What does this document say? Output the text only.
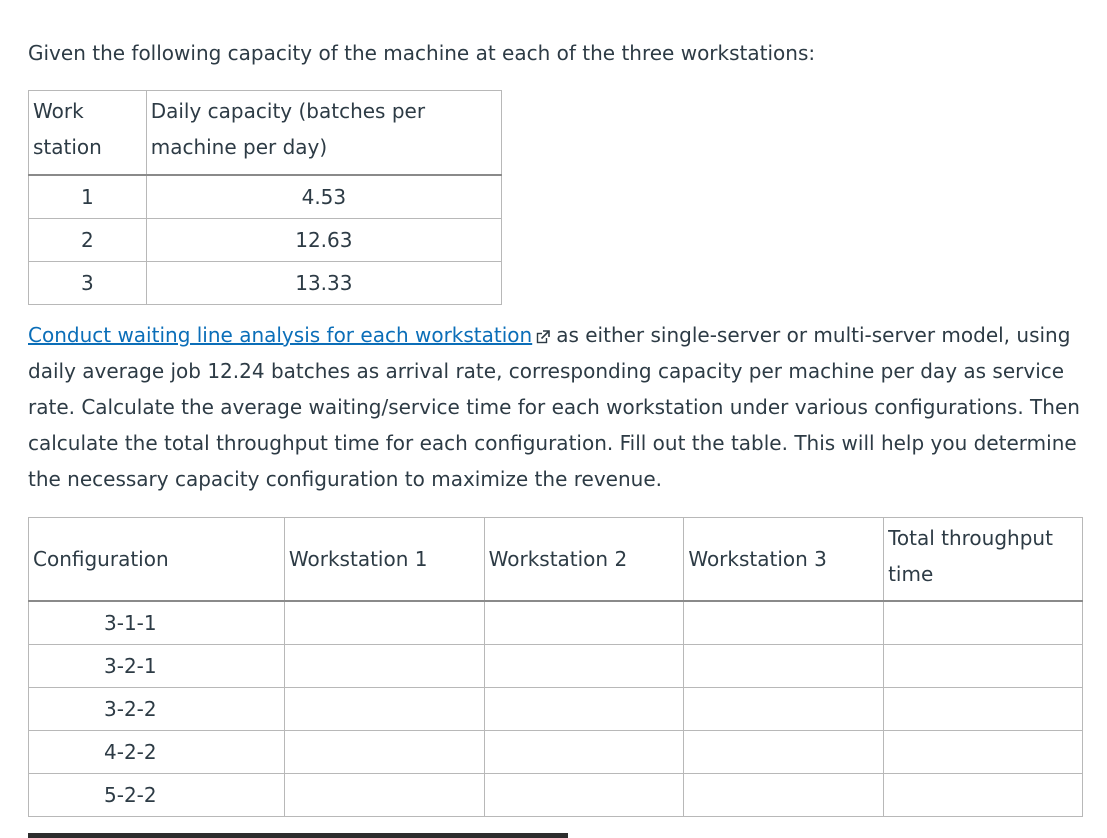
Given the following capacity of the machine at each of the three workstations:

Work station	Daily capacity (batches per machine per day)
1	4.53
2	12.63
3	13.33

Conduct waiting line analysis for each workstation as either single-server or multi-server model, using daily average job 12.24 batches as arrival rate, corresponding capacity per machine per day as service rate. Calculate the average waiting/service time for each workstation under various configurations. Then calculate the total throughput time for each configuration. Fill out the table. This will help you determine the necessary capacity configuration to maximize the revenue.

Configuration	Workstation 1	Workstation 2	Workstation 3	Total throughput time
3-1-1				
3-2-1				
3-2-2				
4-2-2				
5-2-2				
